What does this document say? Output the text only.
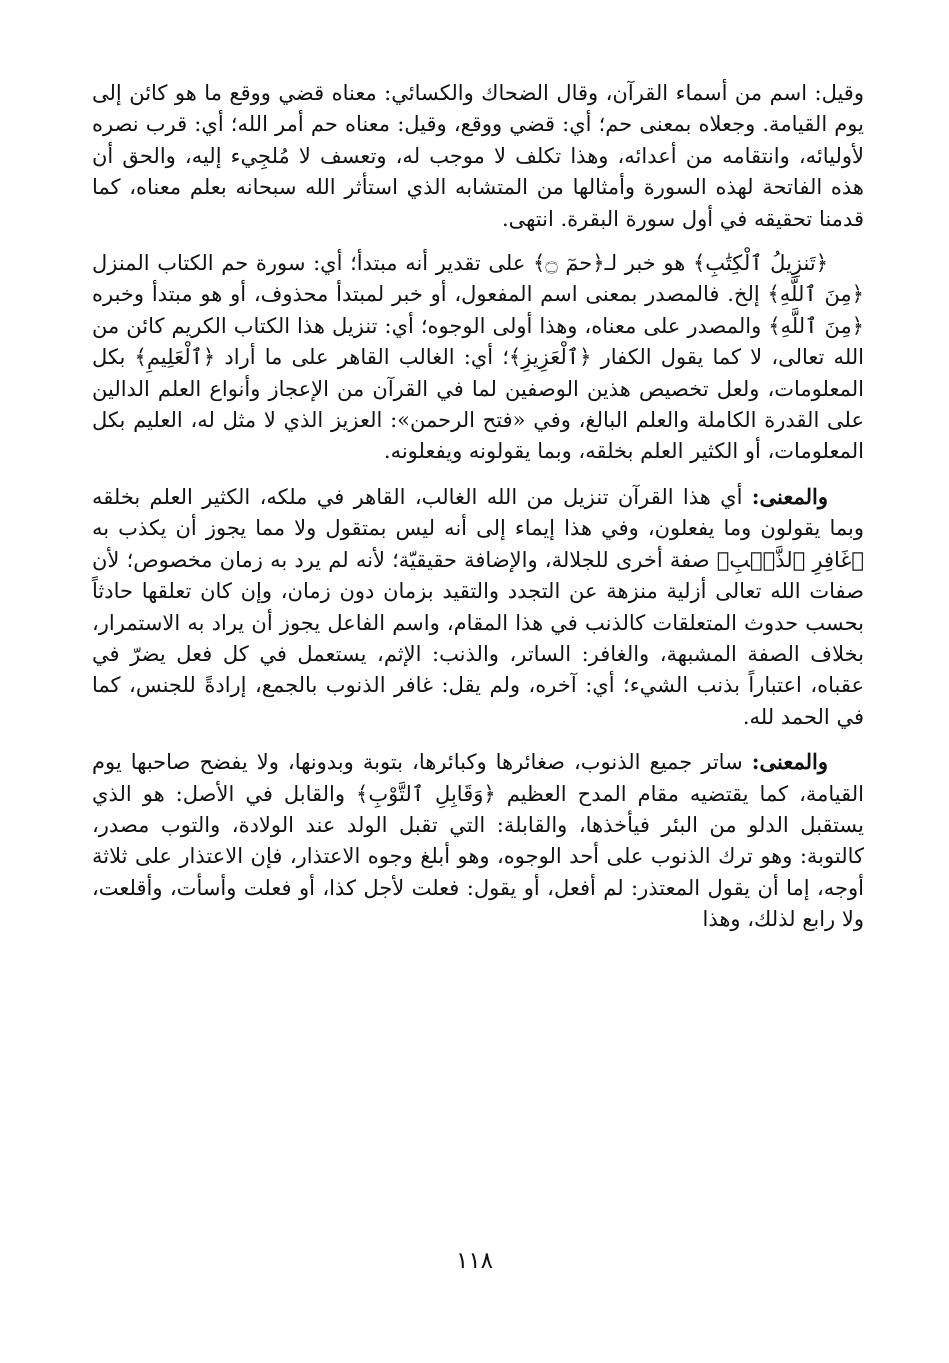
وقيل: اسم من أسماء القرآن، وقال الضحاك والكسائي: معناه قضي ووقع ما هو كائن إلى يوم القيامة. وجعلاه بمعنى حم؛ أي: قضي ووقع، وقيل: معناه حم أمر الله؛ أي: قرب نصره لأوليائه، وانتقامه من أعدائه، وهذا تكلف لا موجب له، وتعسف لا مُلجِيء إليه، والحق أن هذه الفاتحة لهذه السورة وأمثالها من المتشابه الذي استأثر الله سبحانه بعلم معناه، كما قدمنا تحقيقه في أول سورة البقرة. انتهى.

﴿تَنزِيلُ ٱلْكِتَٰبِ﴾ هو خبر لـ﴿حمٓ ۝﴾ على تقدير أنه مبتدأ؛ أي: سورة حم الكتاب المنزل ﴿مِنَ ٱللَّهِ﴾ إلخ. فالمصدر بمعنى اسم المفعول، أو خبر لمبتدأ محذوف، أو هو مبتدأ وخبره ﴿مِنَ ٱللَّهِ﴾ والمصدر على معناه، وهذا أولى الوجوه؛ أي: تنزيل هذا الكتاب الكريم كائن من الله تعالى، لا كما يقول الكفار ﴿ٱلْعَزِيزِ﴾؛ أي: الغالب القاهر على ما أراد ﴿ٱلْعَلِيمِ﴾ بكل المعلومات، ولعل تخصيص هذين الوصفين لما في القرآن من الإعجاز وأنواع العلم الدالين على القدرة الكاملة والعلم البالغ، وفي «فتح الرحمن»: العزيز الذي لا مثل له، العليم بكل المعلومات، أو الكثير العلم بخلقه، وبما يقولونه ويفعلونه.

والمعنى: أي هذا القرآن تنزيل من الله الغالب، القاهر في ملكه، الكثير العلم بخلقه وبما يقولون وما يفعلون، وفي هذا إيماء إلى أنه ليس بمتقول ولا مما يجوز أن يكذب به ﴿غَافِرِ ٱلذَّنۢبِ﴾ صفة أخرى للجلالة، والإضافة حقيقيّة؛ لأنه لم يرد به زمان مخصوص؛ لأن صفات الله تعالى أزلية منزهة عن التجدد والتقيد بزمان دون زمان، وإن كان تعلقها حادثاً بحسب حدوث المتعلقات كالذنب في هذا المقام، واسم الفاعل يجوز أن يراد به الاستمرار، بخلاف الصفة المشبهة، والغافر: الساتر، والذنب: الإثم، يستعمل في كل فعل يضرّ في عقباه، اعتباراً بذنب الشيء؛ أي: آخره، ولم يقل: غافر الذنوب بالجمع، إرادةً للجنس، كما في الحمد لله.

والمعنى: ساتر جميع الذنوب، صغائرها وكبائرها، بتوبة وبدونها، ولا يفضح صاحبها يوم القيامة، كما يقتضيه مقام المدح العظيم ﴿وَقَابِلِ ٱلتَّوْبِ﴾ والقابل في الأصل: هو الذي يستقبل الدلو من البئر فيأخذها، والقابلة: التي تقبل الولد عند الولادة، والتوب مصدر، كالتوبة: وهو ترك الذنوب على أحد الوجوه، وهو أبلغ وجوه الاعتذار، فإن الاعتذار على ثلاثة أوجه، إما أن يقول المعتذر: لم أفعل، أو يقول: فعلت لأجل كذا، أو فعلت وأسأت، وأقلعت، ولا رابع لذلك، وهذا

١١٨
